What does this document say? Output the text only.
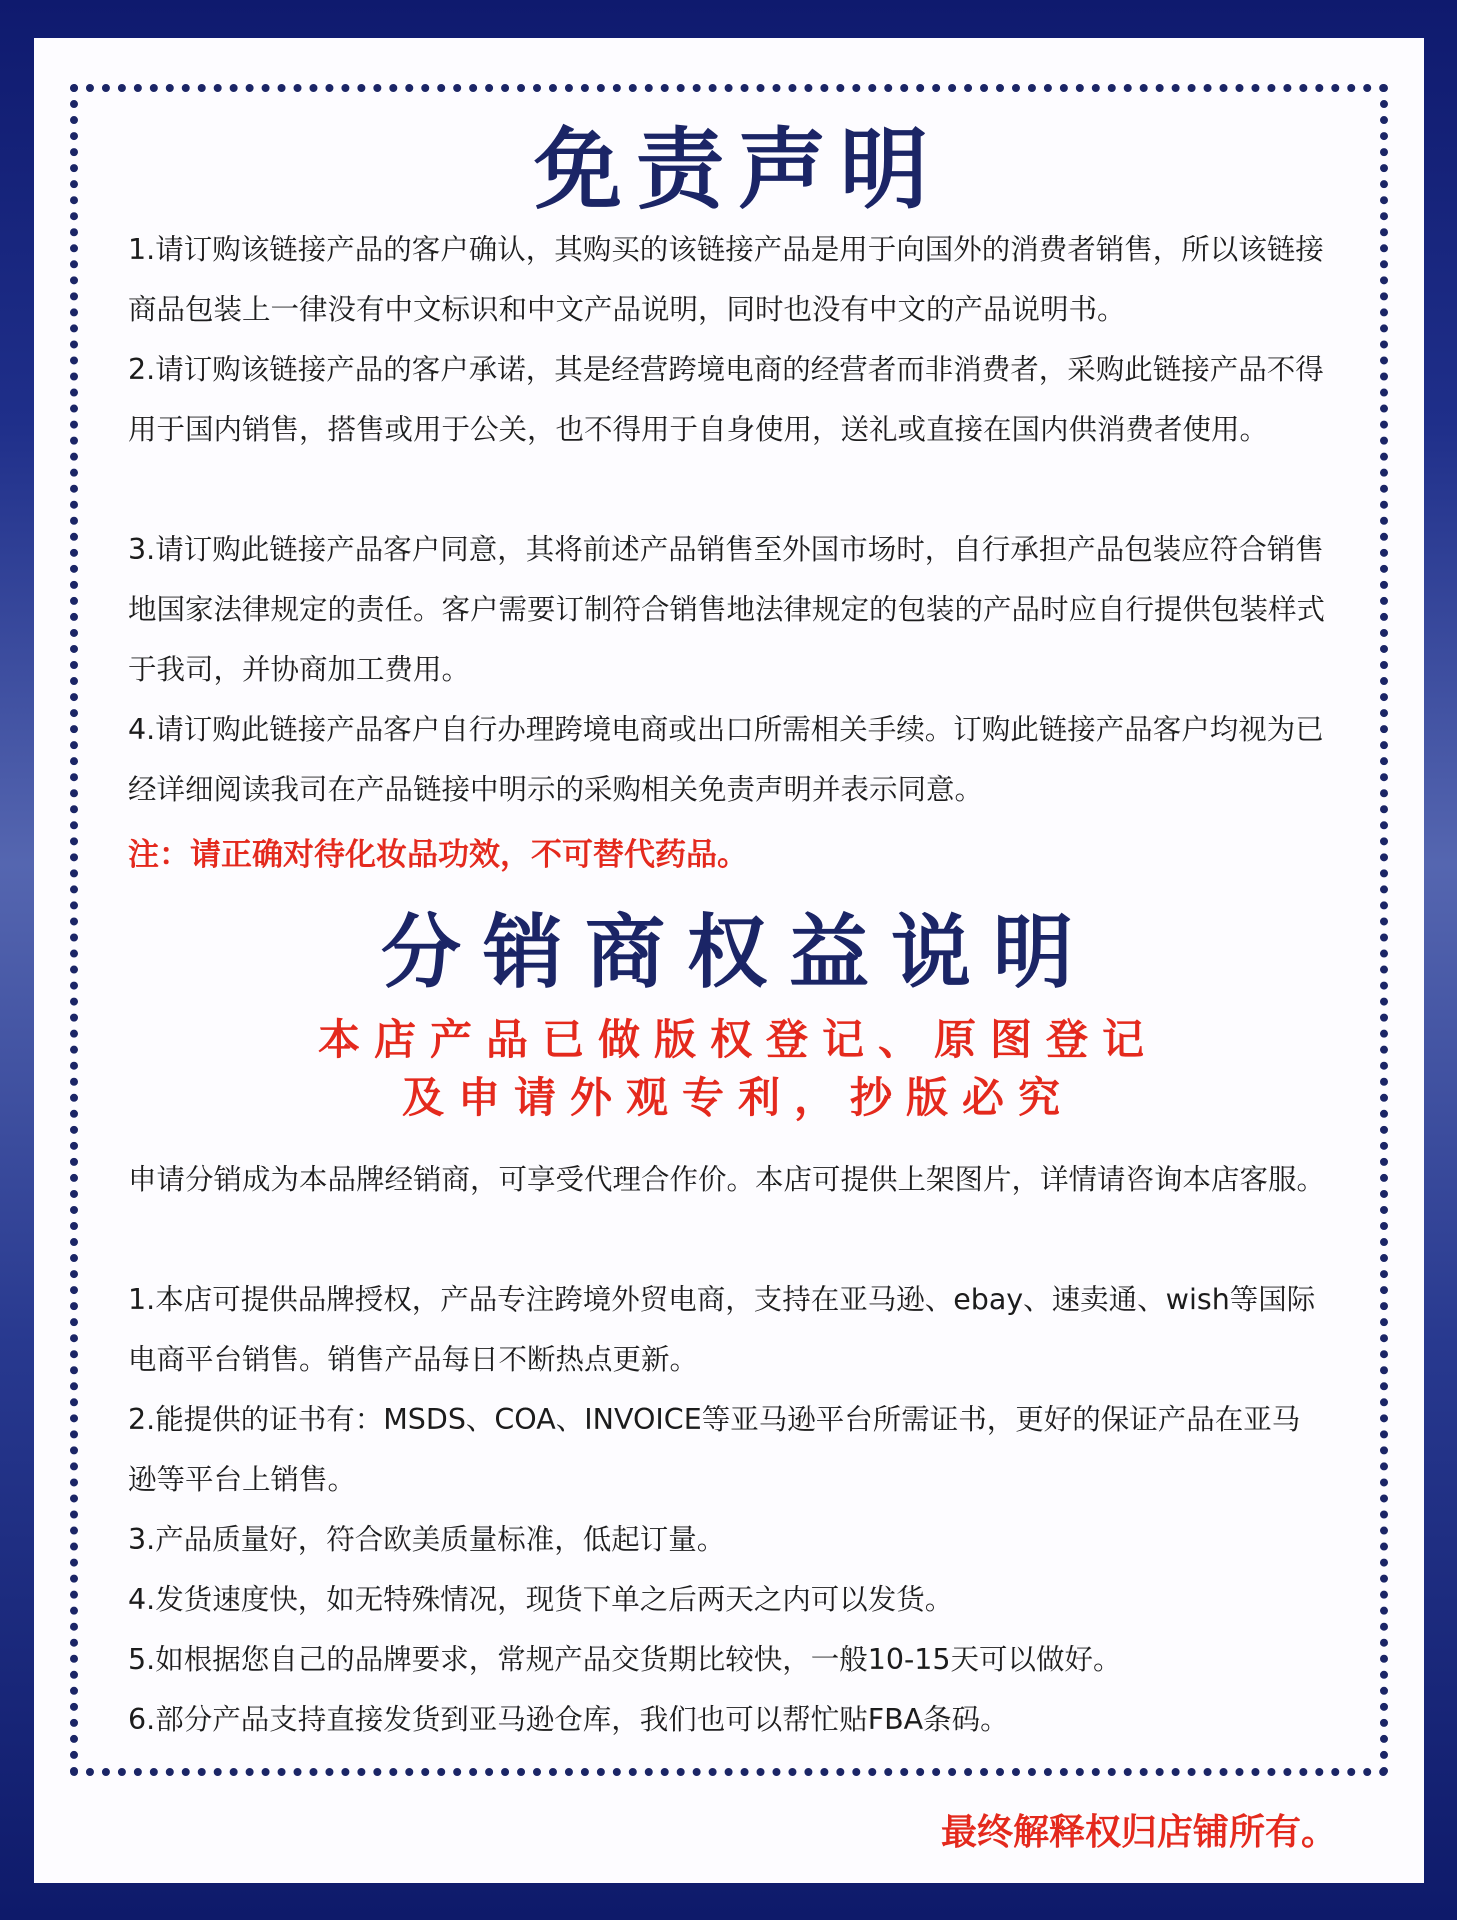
免责声明
1.请订购该链接产品的客户确认，其购买的该链接产品是用于向国外的消费者销售，所以该链接商品包装上一律没有中文标识和中文产品说明，同时也没有中文的产品说明书。
2.请订购该链接产品的客户承诺，其是经营跨境电商的经营者而非消费者，采购此链接产品不得用于国内销售，搭售或用于公关，也不得用于自身使用，送礼或直接在国内供消费者使用。
3.请订购此链接产品客户同意，其将前述产品销售至外国市场时，自行承担产品包装应符合销售地国家法律规定的责任。客户需要订制符合销售地法律规定的包装的产品时应自行提供包装样式于我司，并协商加工费用。
4.请订购此链接产品客户自行办理跨境电商或出口所需相关手续。订购此链接产品客户均视为已经详细阅读我司在产品链接中明示的采购相关免责声明并表示同意。
注：请正确对待化妆品功效，不可替代药品。
分销商权益说明
本店产品已做版权登记、原图登记
及申请外观专利，抄版必究
申请分销成为本品牌经销商，可享受代理合作价。本店可提供上架图片，详情请咨询本店客服。
1.本店可提供品牌授权，产品专注跨境外贸电商，支持在亚马逊、ebay、速卖通、wish等国际电商平台销售。销售产品每日不断热点更新。
2.能提供的证书有：MSDS、COA、INVOICE等亚马逊平台所需证书，更好的保证产品在亚马逊等平台上销售。
3.产品质量好，符合欧美质量标准，低起订量。
4.发货速度快，如无特殊情况，现货下单之后两天之内可以发货。
5.如根据您自己的品牌要求，常规产品交货期比较快，一般10-15天可以做好。
6.部分产品支持直接发货到亚马逊仓库，我们也可以帮忙贴FBA条码。
最终解释权归店铺所有。
